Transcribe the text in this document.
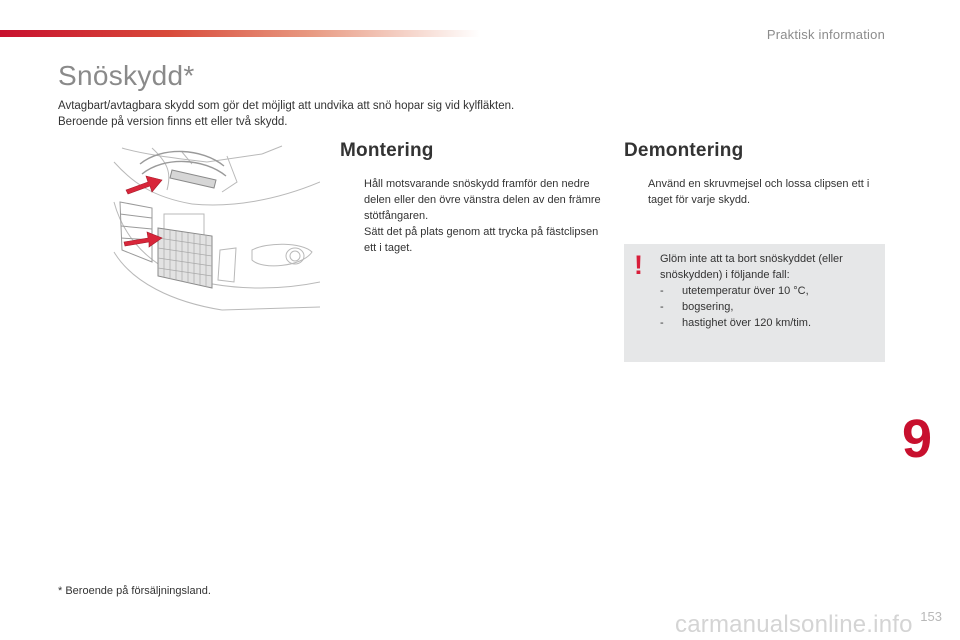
Praktisk information
Snöskydd*

Avtagbart/avtagbara skydd som gör det möjligt att undvika att snö hopar sig vid kylfläkten.

Beroende på version finns ett eller två skydd.

Montering
Håll motsvarande snöskydd framför den nedre delen eller den övre vänstra delen av den främre stötfångaren.
Sätt det på plats genom att trycka på fästclipsen ett i taget.
Demontering
Använd en skruvmejsel och lossa clipsen ett i taget för varje skydd.
! Glöm inte att ta bort snöskyddet (eller snöskydden) i följande fall:

- utetemperatur över 10 °C,
- bogsering,
- hastighet över 120 km/tim.
9
* Beroende på försäljningsland.
carmanualsonline.info 153
